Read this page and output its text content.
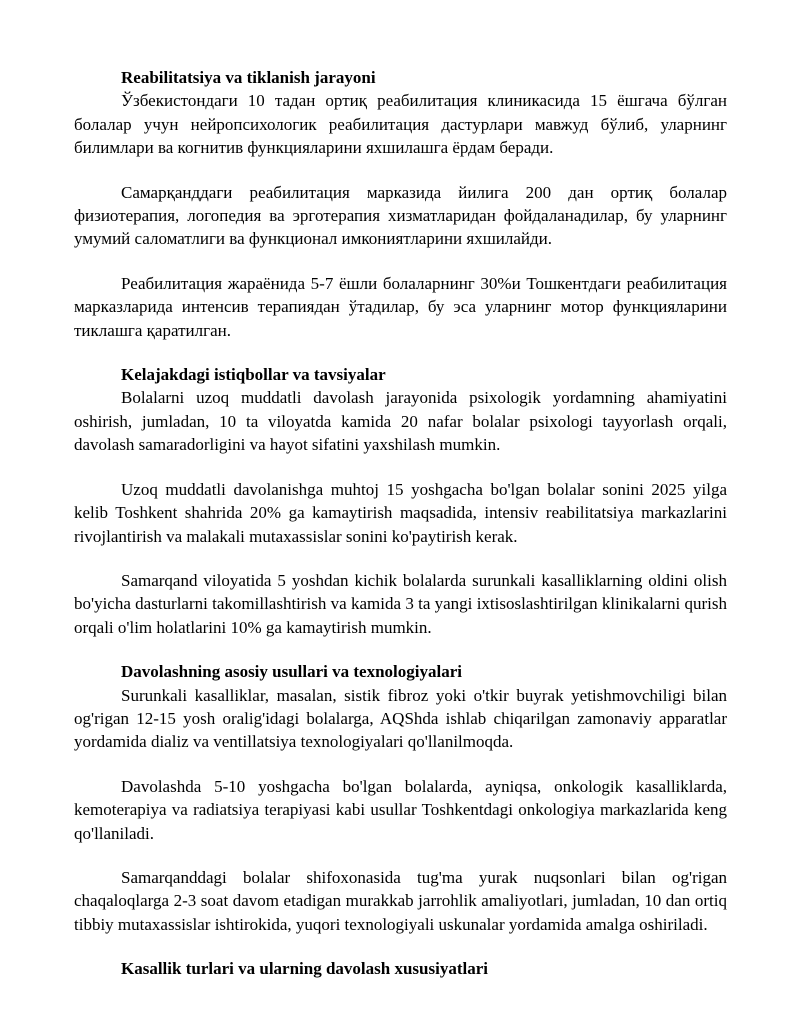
Reabilitatsiya va tiklanish jarayoni

Ўзбекистондаги 10 тадан ортиқ реабилитация клиникасида 15 ёшгача бўлган болалар учун нейропсихологик реабилитация дастурлари мавжуд бўлиб, уларнинг билимлари ва когнитив функцияларини яхшилашга ёрдам беради.

Самарқанддаги реабилитация марказида йилига 200 дан ортиқ болалар физиотерапия, логопедия ва эрготерапия хизматларидан фойдаланадилар, бу уларнинг умумий саломатлиги ва функционал имкониятларини яхшилайди.

Реабилитация жараёнида 5-7 ёшли болаларнинг 30%и Тошкентдаги реабилитация марказларида интенсив терапиядан ўтадилар, бу эса уларнинг мотор функцияларини тиклашга қаратилган.

Kelajakdagi istiqbollar va tavsiyalar

Bolalarni uzoq muddatli davolash jarayonida psixologik yordamning ahamiyatini oshirish, jumladan, 10 ta viloyatda kamida 20 nafar bolalar psixologi tayyorlash orqali, davolash samaradorligini va hayot sifatini yaxshilash mumkin.

Uzoq muddatli davolanishga muhtoj 15 yoshgacha bo'lgan bolalar sonini 2025 yilga kelib Toshkent shahrida 20% ga kamaytirish maqsadida, intensiv reabilitatsiya markazlarini rivojlantirish va malakali mutaxassislar sonini ko'paytirish kerak.

Samarqand viloyatida 5 yoshdan kichik bolalarda surunkali kasalliklarning oldini olish bo'yicha dasturlarni takomillashtirish va kamida 3 ta yangi ixtisoslashtirilgan klinikalarni qurish orqali o'lim holatlarini 10% ga kamaytirish mumkin.

Davolashning asosiy usullari va texnologiyalari

Surunkali kasalliklar, masalan, sistik fibroz yoki o'tkir buyrak yetishmovchiligi bilan og'rigan 12-15 yosh oralig'idagi bolalarga, AQShda ishlab chiqarilgan zamonaviy apparatlar yordamida dializ va ventillatsiya texnologiyalari qo'llanilmoqda.

Davolashda 5-10 yoshgacha bo'lgan bolalarda, ayniqsa, onkologik kasalliklarda, kemoterapiya va radiatsiya terapiyasi kabi usullar Toshkentdagi onkologiya markazlarida keng qo'llaniladi.

Samarqanddagi bolalar shifoxonasida tug'ma yurak nuqsonlari bilan og'rigan chaqaloqlarga 2-3 soat davom etadigan murakkab jarrohlik amaliyotlari, jumladan, 10 dan ortiq tibbiy mutaxassislar ishtirokida, yuqori texnologiyali uskunalar yordamida amalga oshiriladi.

Kasallik turlari va ularning davolash xususiyatlari
